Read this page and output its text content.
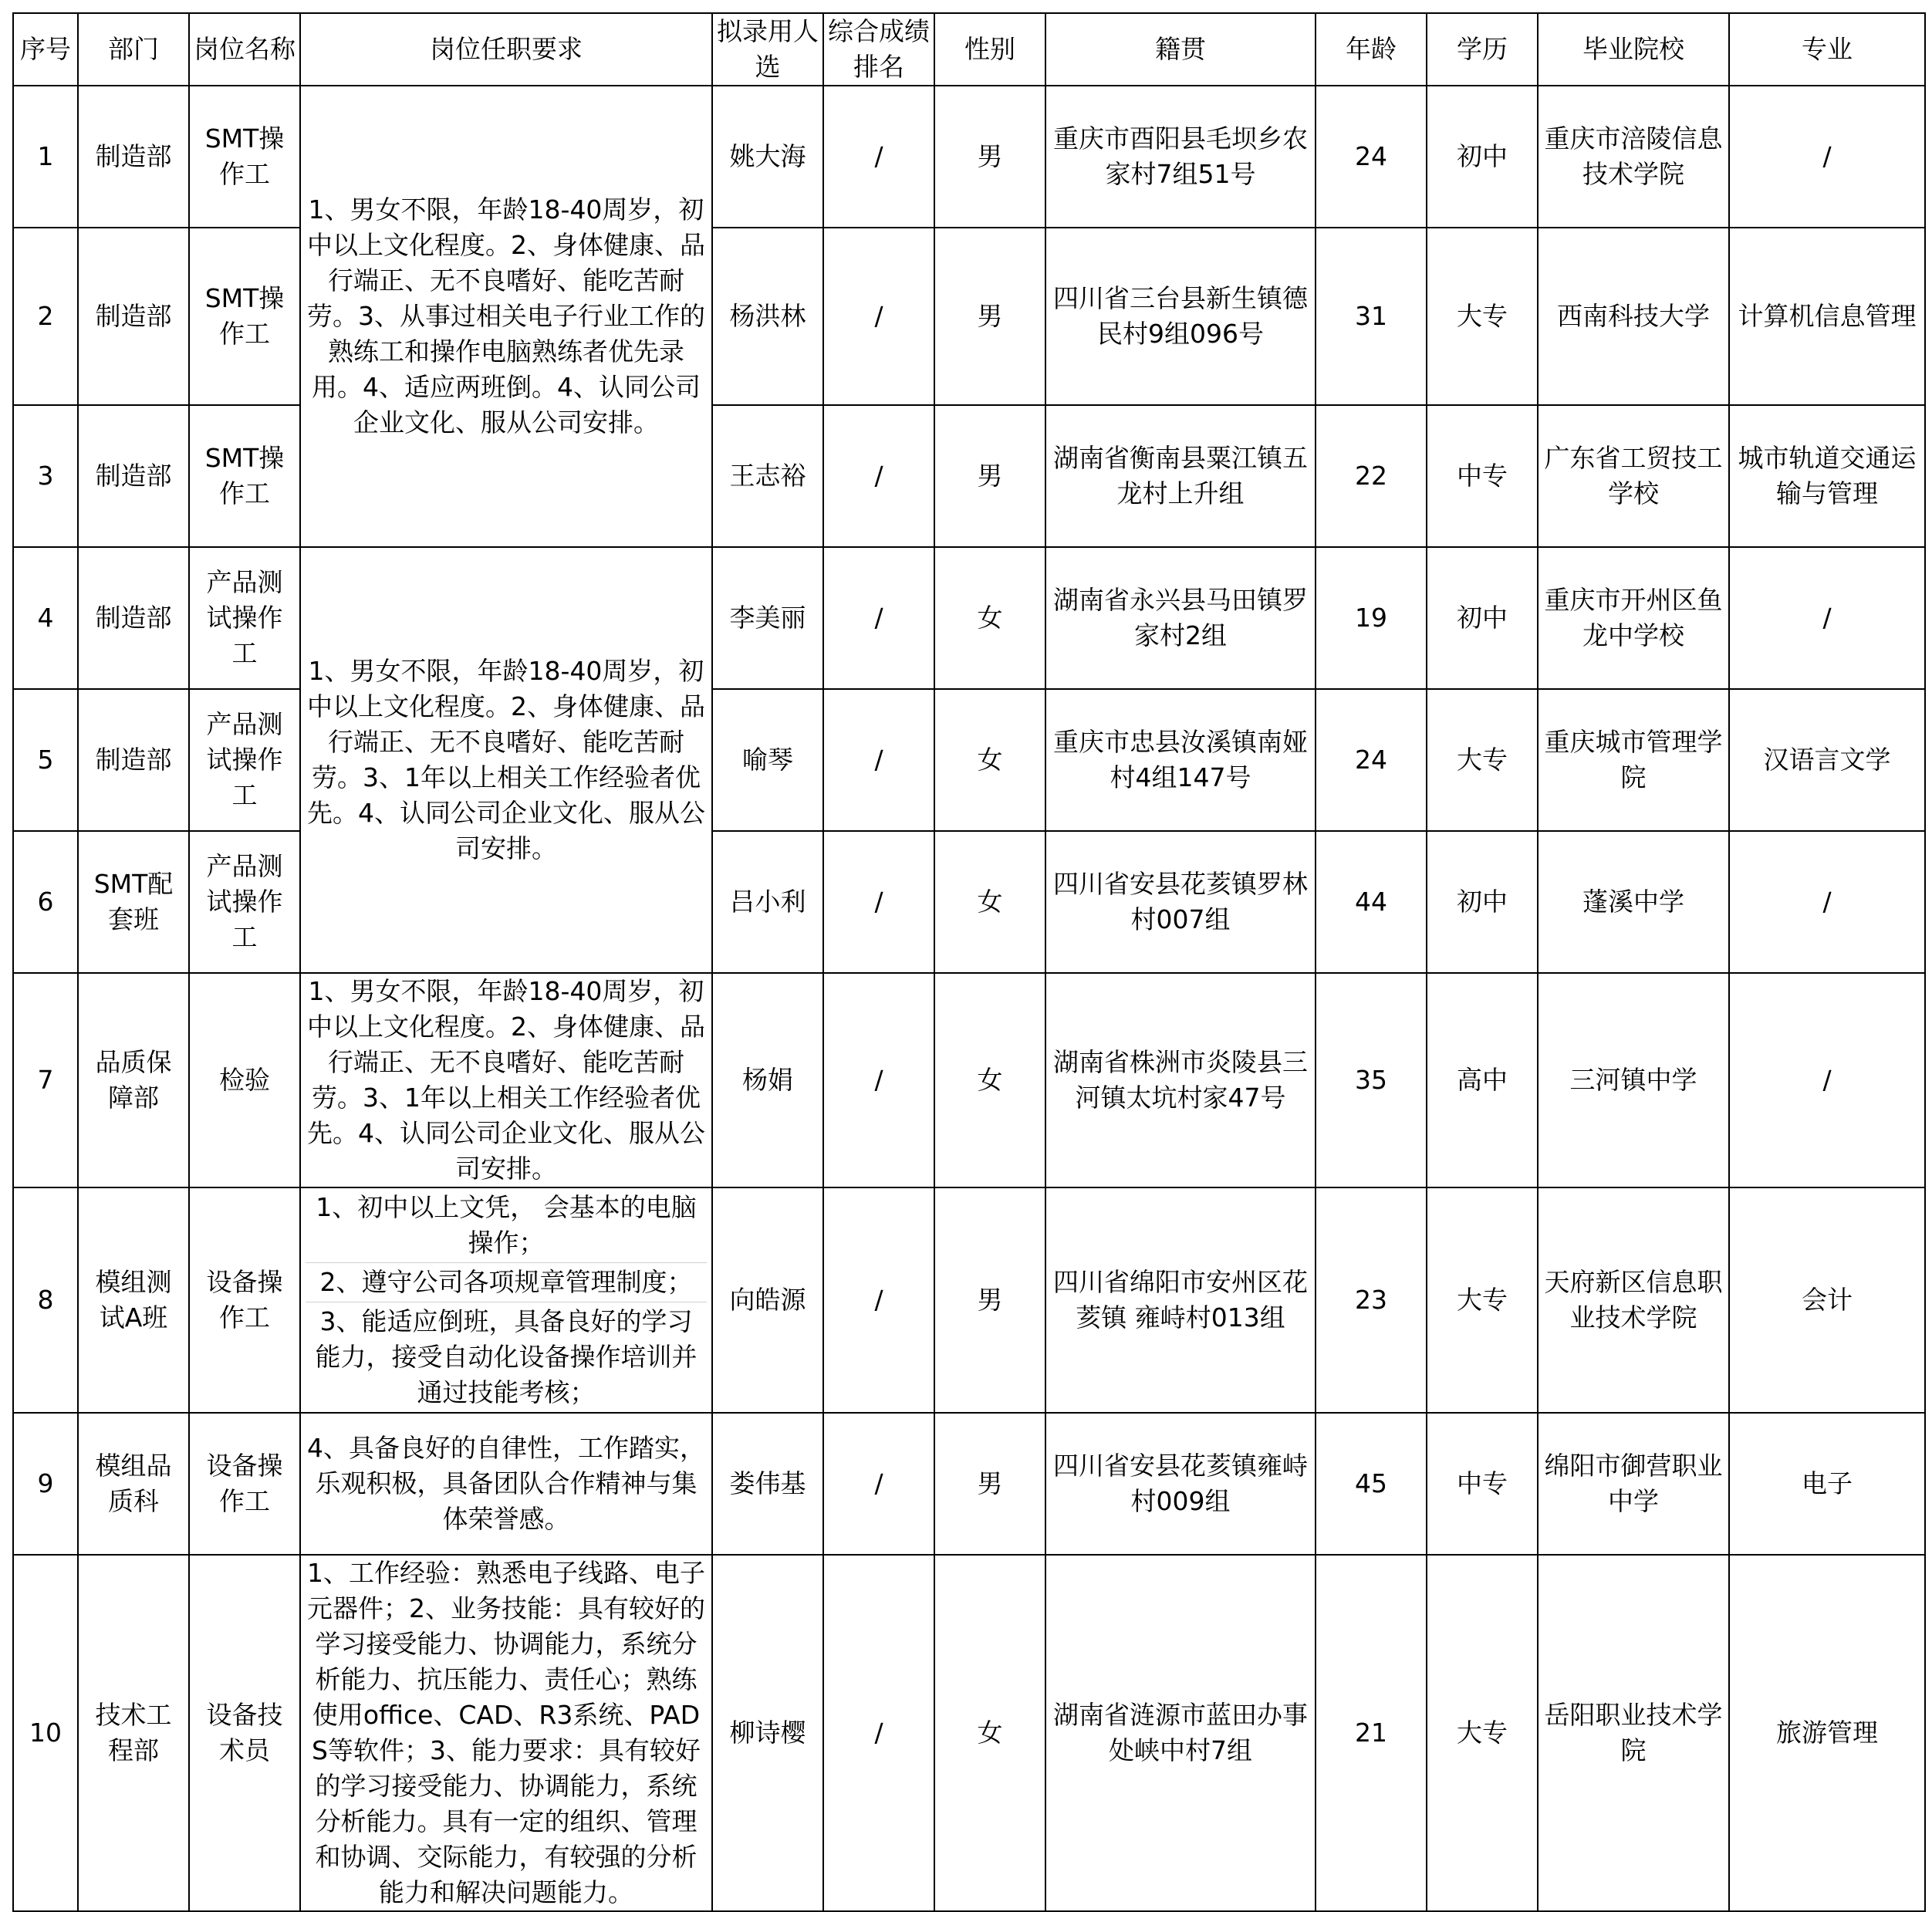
序号	部门	岗位名称	岗位任职要求	拟录用人选	综合成绩排名	性别	籍贯	年龄	学历	毕业院校	专业
1	制造部	SMT操作工	1、男女不限，年龄18-40周岁，初中以上文化程度。2、身体健康、品行端正、无不良嗜好、能吃苦耐劳。3、从事过相关电子行业工作的熟练工和操作电脑熟练者优先录用。4、适应两班倒。4、认同公司企业文化、服从公司安排。	姚大海	/	男	重庆市酉阳县毛坝乡农家村7组51号	24	初中	重庆市涪陵信息技术学院	/
2	制造部	SMT操作工		杨洪林	/	男	四川省三台县新生镇德民村9组096号	31	大专	西南科技大学	计算机信息管理
3	制造部	SMT操作工		王志裕	/	男	湖南省衡南县粟江镇五龙村上升组	22	中专	广东省工贸技工学校	城市轨道交通运输与管理
4	制造部	产品测试操作工	1、男女不限，年龄18-40周岁，初中以上文化程度。2、身体健康、品行端正、无不良嗜好、能吃苦耐劳。3、1年以上相关工作经验者优先。4、认同公司企业文化、服从公司安排。	李美丽	/	女	湖南省永兴县马田镇罗家村2组	19	初中	重庆市开州区鱼龙中学校	/
5	制造部	产品测试操作工		喻琴	/	女	重庆市忠县汝溪镇南娅村4组147号	24	大专	重庆城市管理学院	汉语言文学
6	SMT配套班	产品测试操作工		吕小利	/	女	四川省安县花荄镇罗林村007组	44	初中	蓬溪中学	/
7	品质保障部	检验	1、男女不限，年龄18-40周岁，初中以上文化程度。2、身体健康、品行端正、无不良嗜好、能吃苦耐劳。3、1年以上相关工作经验者优先。4、认同公司企业文化、服从公司安排。	杨娟	/	女	湖南省株洲市炎陵县三河镇太坑村家47号	35	高中	三河镇中学	/
8	模组测试A班	设备操作工	1、初中以上文凭， 会基本的电脑操作；
2、遵守公司各项规章管理制度；
3、能适应倒班，具备良好的学习能力，接受自动化设备操作培训并通过技能考核；	向皓源	/	男	四川省绵阳市安州区花荄镇 雍峙村013组	23	大专	天府新区信息职业技术学院	会计
9	模组品质科	设备操作工	4、具备良好的自律性，工作踏实，乐观积极，具备团队合作精神与集体荣誉感。	娄伟基	/	男	四川省安县花荄镇雍峙村009组	45	中专	绵阳市御营职业中学	电子
10	技术工程部	设备技术员	1、工作经验：熟悉电子线路、电子元器件；2、业务技能：具有较好的学习接受能力、协调能力，系统分析能力、抗压能力、责任心；熟练使用office、CAD、R3系统、PADS等软件；3、能力要求：具有较好的学习接受能力、协调能力，系统分析能力。具有一定的组织、管理和协调、交际能力，有较强的分析能力和解决问题能力。	柳诗樱	/	女	湖南省涟源市蓝田办事处峡中村7组	21	大专	岳阳职业技术学院	旅游管理
